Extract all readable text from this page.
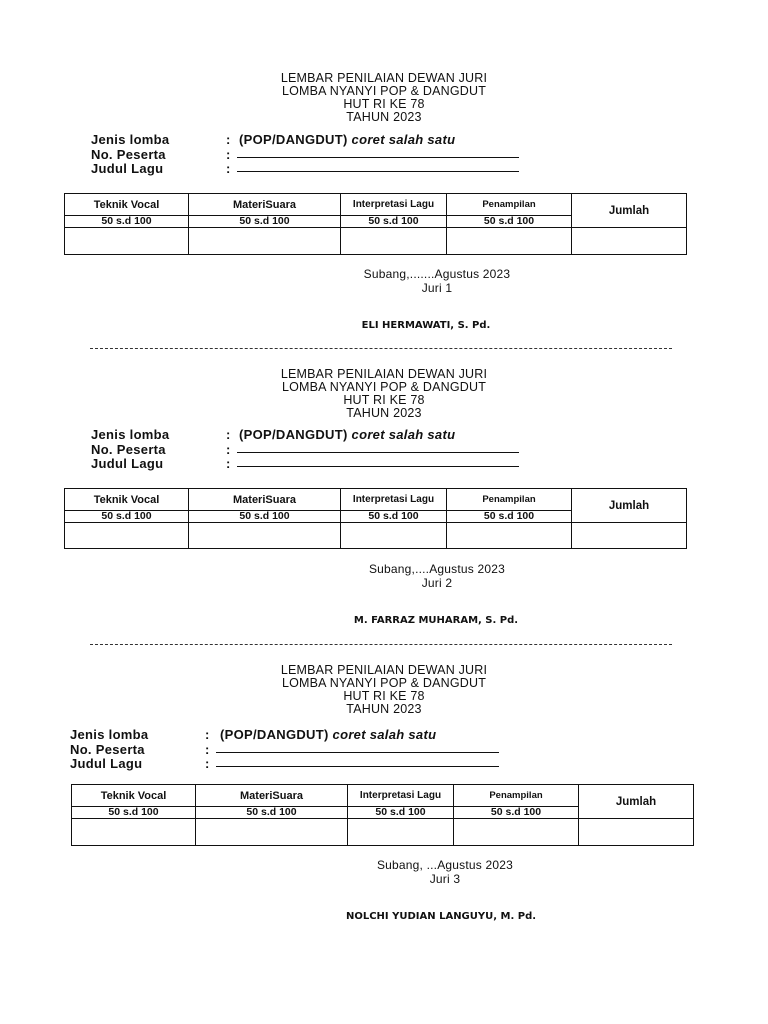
LEMBAR PENILAIAN DEWAN JURI
LOMBA NYANYI POP & DANGDUT
HUT RI KE 78
TAHUN 2023
Jenis lomba	: (POP/DANGDUT) coret salah satu
No. Peserta	:
Judul Lagu	:
Teknik Vocal	MateriSuara	Interpretasi Lagu	Penampilan	Jumlah
50 s.d 100	50 s.d 100	50 s.d 100	50 s.d 100	

Subang,.......Agustus 2023
Juri 1
ELI HERMAWATI, S. Pd.
LEMBAR PENILAIAN DEWAN JURI
LOMBA NYANYI POP & DANGDUT
HUT RI KE 78
TAHUN 2023
Jenis lomba	: (POP/DANGDUT) coret salah satu
No. Peserta	:
Judul Lagu	:
Teknik Vocal	MateriSuara	Interpretasi Lagu	Penampilan	Jumlah
50 s.d 100	50 s.d 100	50 s.d 100	50 s.d 100	

Subang,....Agustus 2023
Juri 2
M. FARRAZ MUHARAM, S. Pd.
LEMBAR PENILAIAN DEWAN JURI
LOMBA NYANYI POP & DANGDUT
HUT RI KE 78
TAHUN 2023
Jenis lomba	: (POP/DANGDUT) coret salah satu
No. Peserta	:
Judul Lagu	:
Teknik Vocal	MateriSuara	Interpretasi Lagu	Penampilan	Jumlah
50 s.d 100	50 s.d 100	50 s.d 100	50 s.d 100	

Subang, ...Agustus 2023
Juri 3
NOLCHI YUDIAN LANGUYU, M. Pd.
